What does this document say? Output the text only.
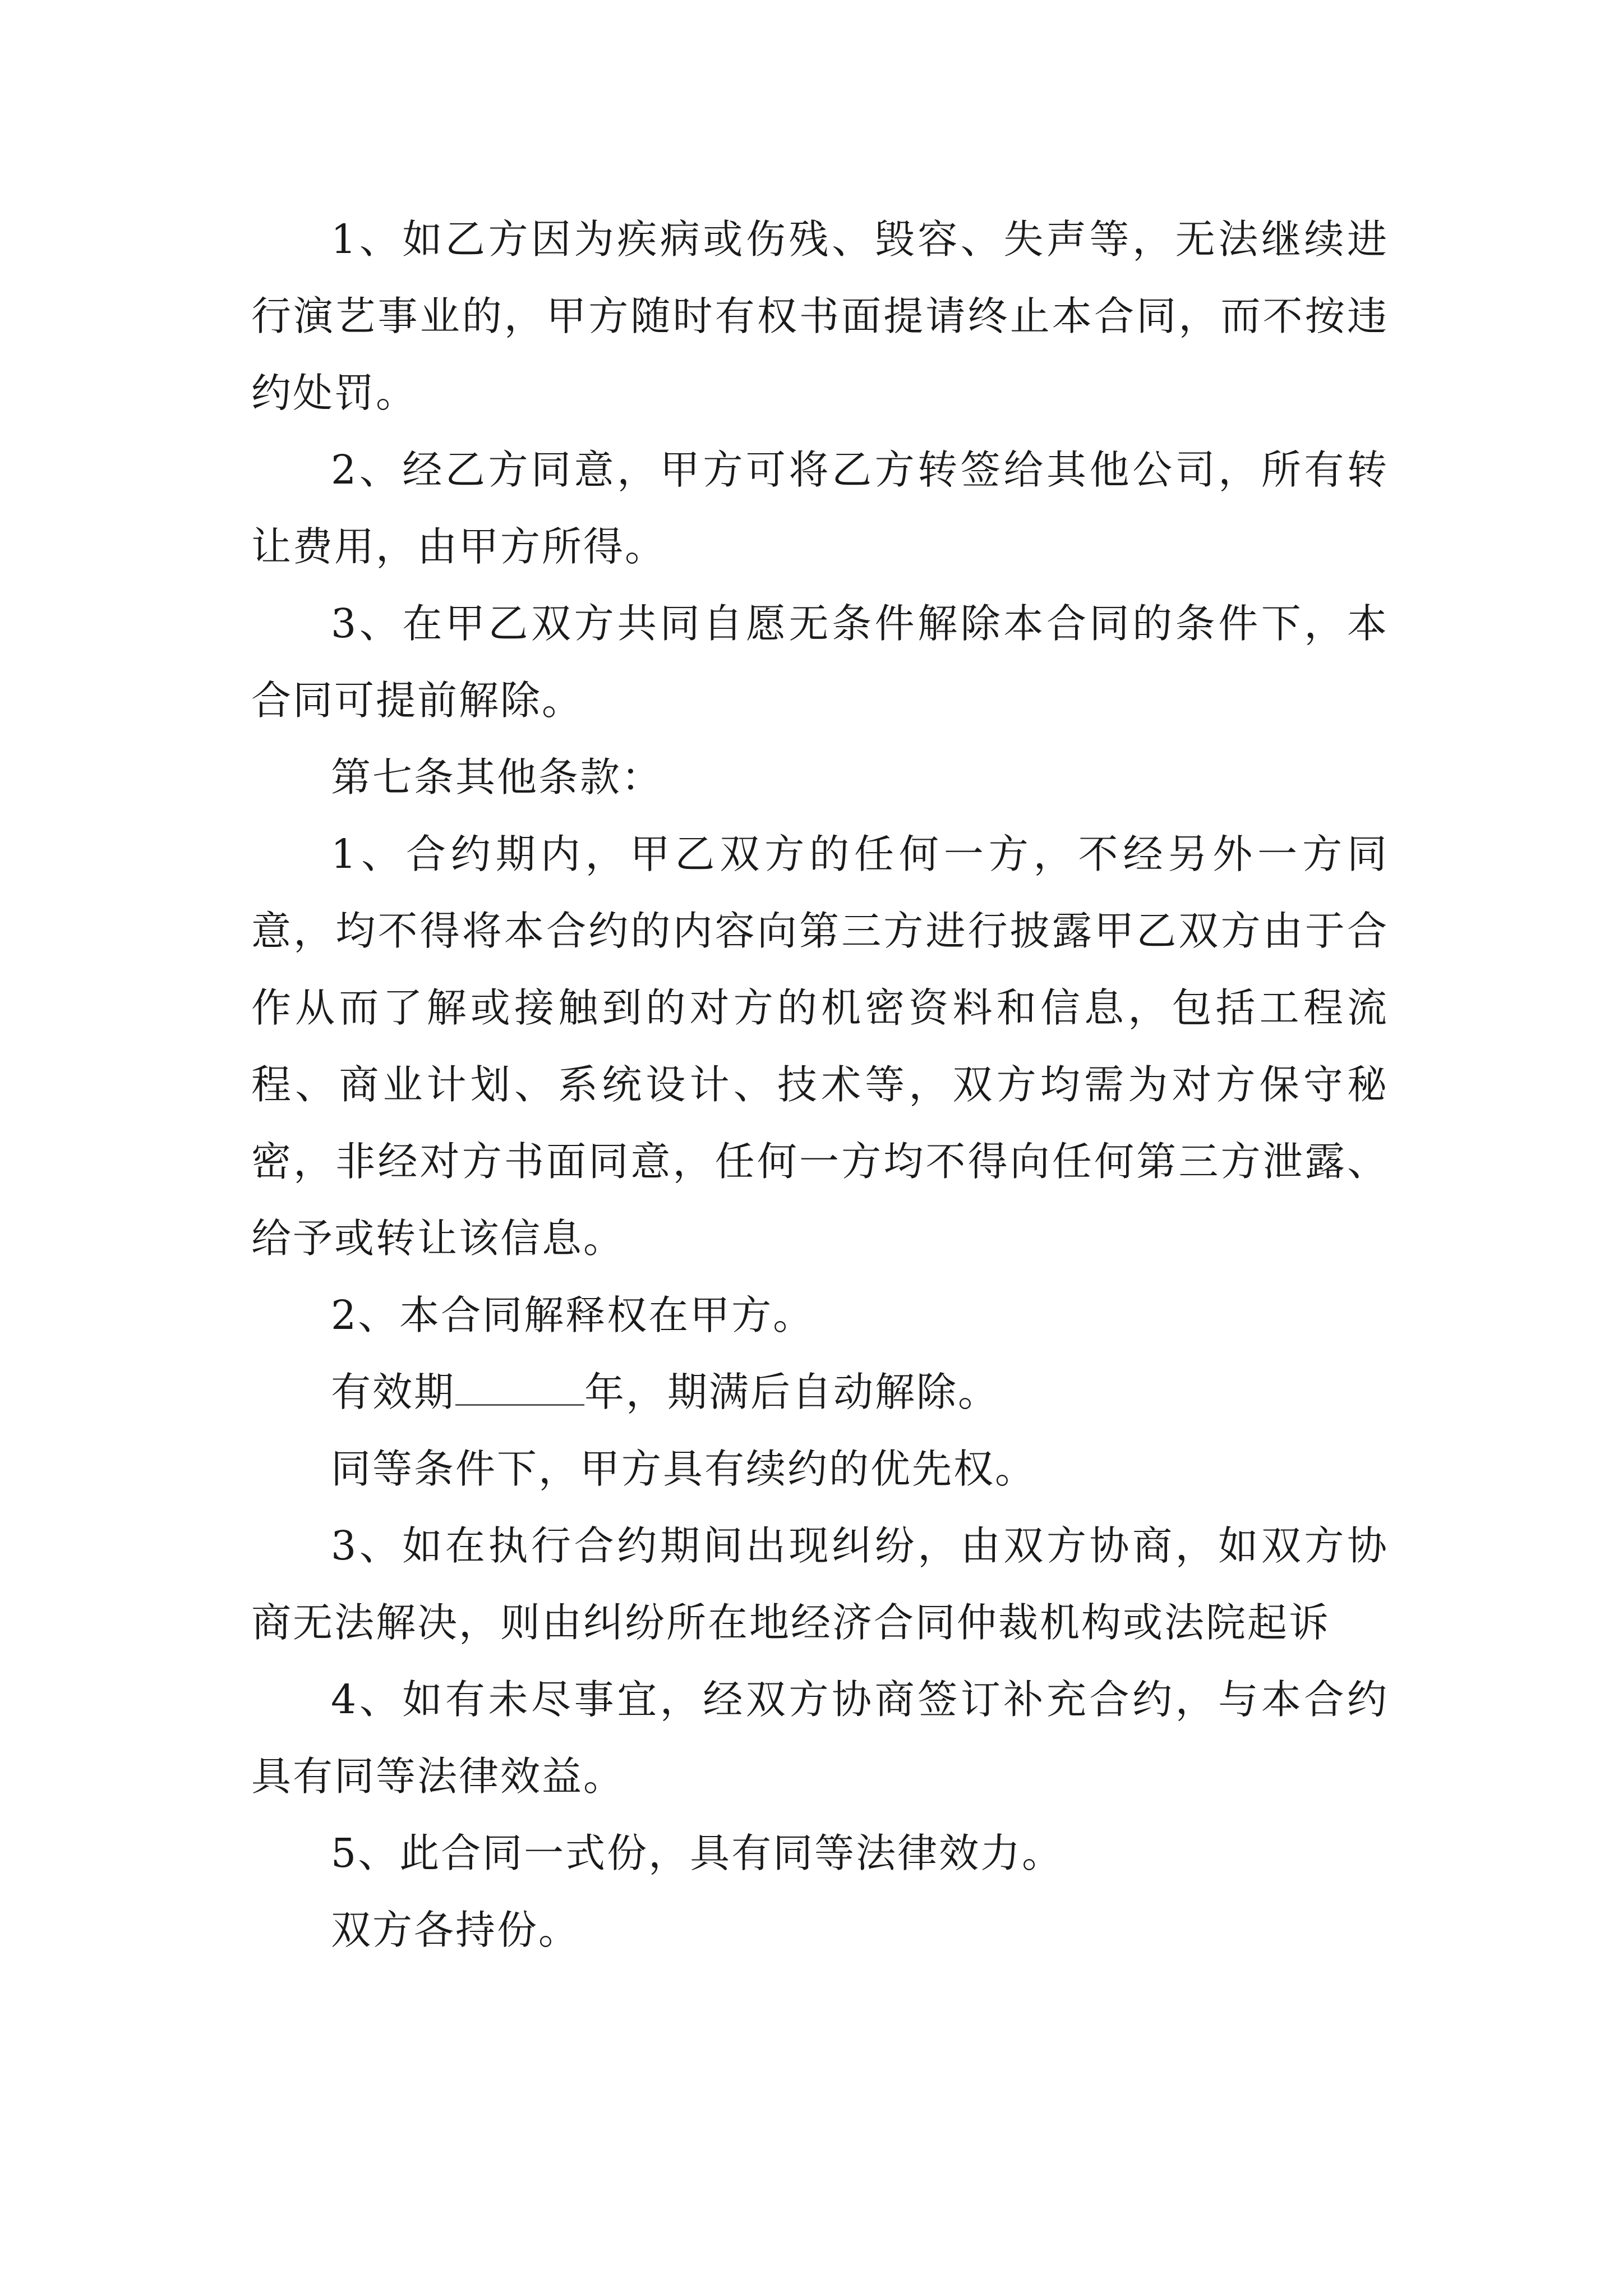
1、如乙方因为疾病或伤残、毁容、失声等，无法继续进行演艺事业的，甲方随时有权书面提请终止本合同，而不按违约处罚。

2、经乙方同意，甲方可将乙方转签给其他公司，所有转让费用，由甲方所得。

3、在甲乙双方共同自愿无条件解除本合同的条件下，本合同可提前解除。

第七条其他条款：

1、合约期内，甲乙双方的任何一方，不经另外一方同意，均不得将本合约的内容向第三方进行披露甲乙双方由于合作从而了解或接触到的对方的机密资料和信息，包括工程流程、商业计划、系统设计、技术等，双方均需为对方保守秘密，非经对方书面同意，任何一方均不得向任何第三方泄露、给予或转让该信息。

2、本合同解释权在甲方。

有效期	年，期满后自动解除。

同等条件下，甲方具有续约的优先权。

3、如在执行合约期间出现纠纷，由双方协商，如双方协商无法解决，则由纠纷所在地经济合同仲裁机构或法院起诉

4、如有未尽事宜，经双方协商签订补充合约，与本合约具有同等法律效益。

5、此合同一式份，具有同等法律效力。

双方各持份。
